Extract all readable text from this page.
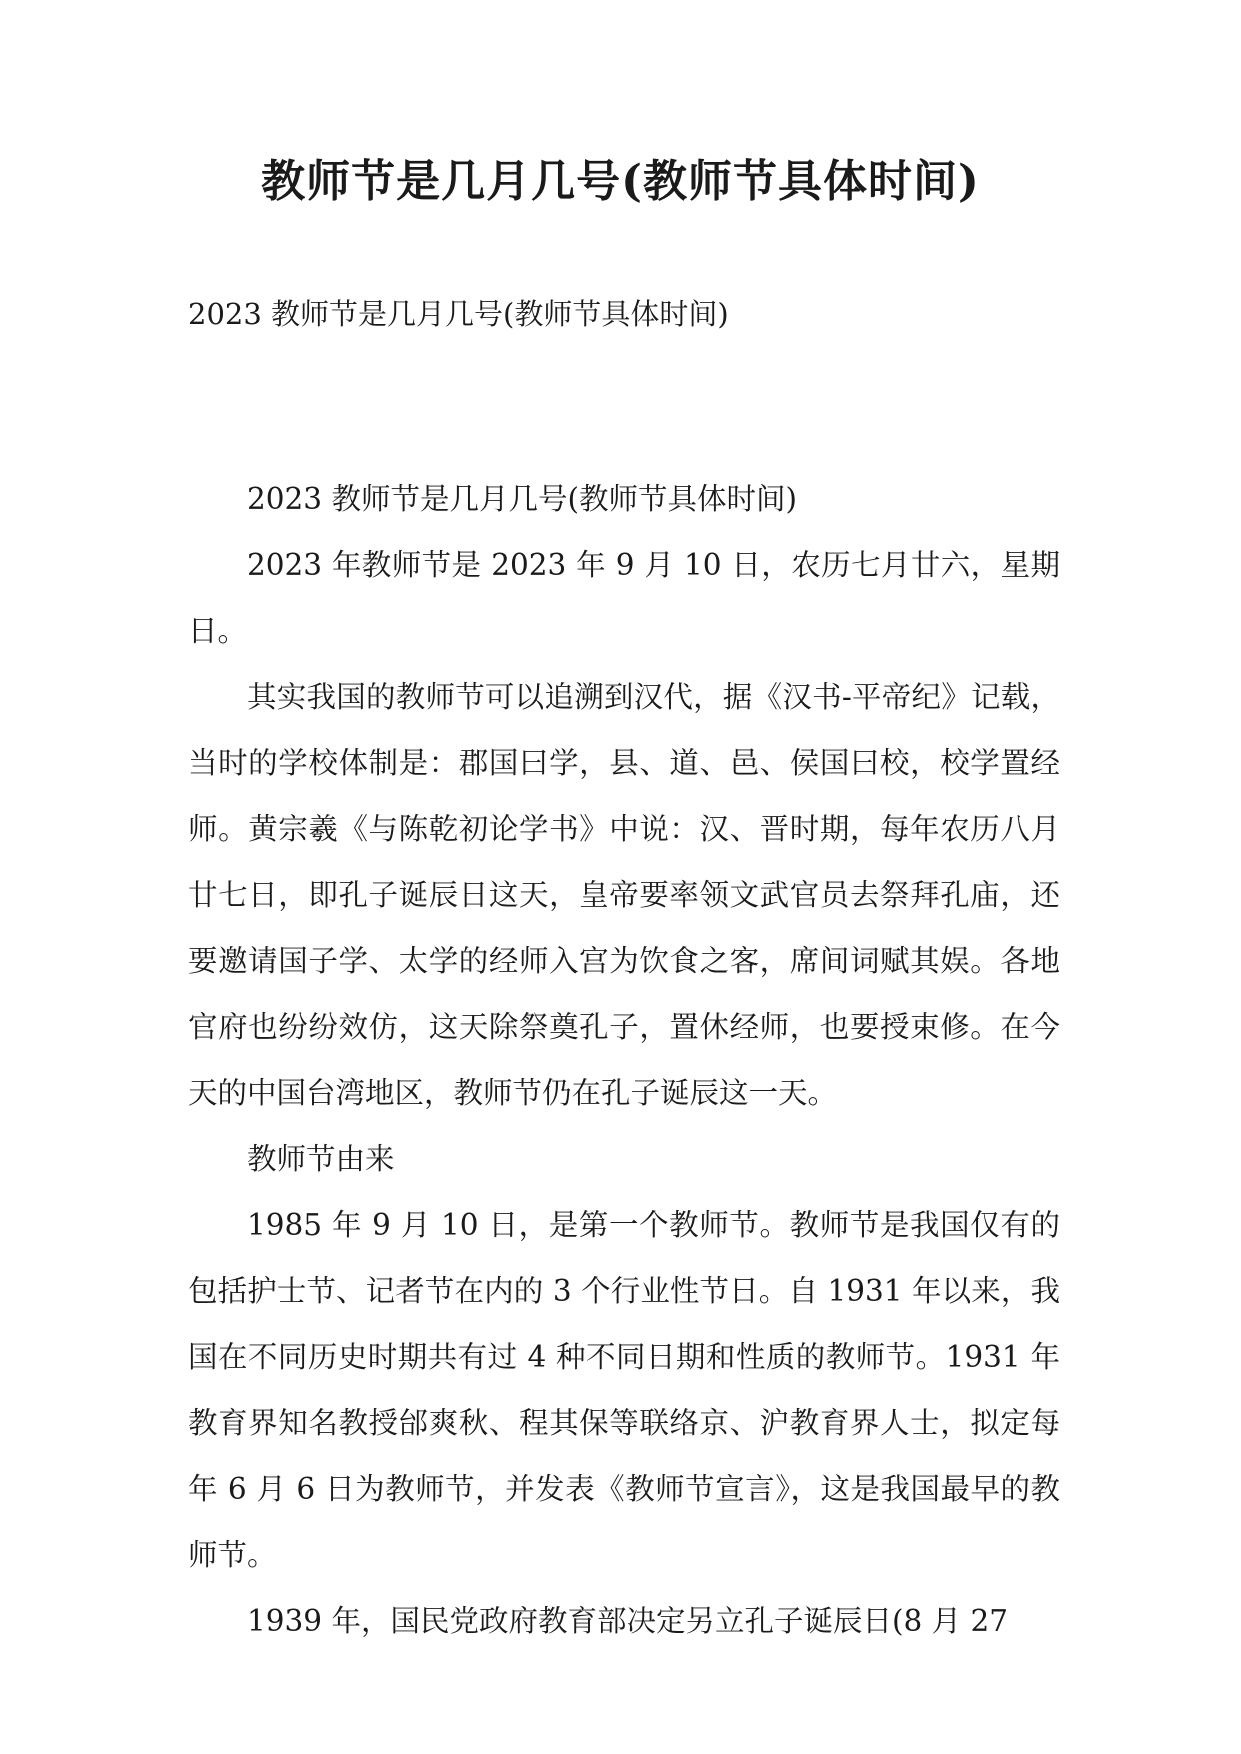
教师节是几月几号(教师节具体时间)

2023 教师节是几月几号(教师节具体时间)

2023 教师节是几月几号(教师节具体时间)

2023 年教师节是 2023 年 9 月 10 日，农历七月廿六，星期日。

其实我国的教师节可以追溯到汉代，据《汉书-平帝纪》记载，当时的学校体制是：郡国曰学，县、道、邑、侯国曰校，校学置经师。黄宗羲《与陈乾初论学书》中说：汉、晋时期，每年农历八月廿七日，即孔子诞辰日这天，皇帝要率领文武官员去祭拜孔庙，还要邀请国子学、太学的经师入宫为饮食之客，席间词赋其娱。各地官府也纷纷效仿，这天除祭奠孔子，置休经师，也要授束修。在今天的中国台湾地区，教师节仍在孔子诞辰这一天。

教师节由来

1985 年 9 月 10 日，是第一个教师节。教师节是我国仅有的包括护士节、记者节在内的 3 个行业性节日。自 1931 年以来，我国在不同历史时期共有过 4 种不同日期和性质的教师节。1931 年教育界知名教授邰爽秋、程其保等联络京、沪教育界人士，拟定每年 6 月 6 日为教师节，并发表《教师节宣言》，这是我国最早的教师节。

1939 年，国民党政府教育部决定另立孔子诞辰日(8 月 27
